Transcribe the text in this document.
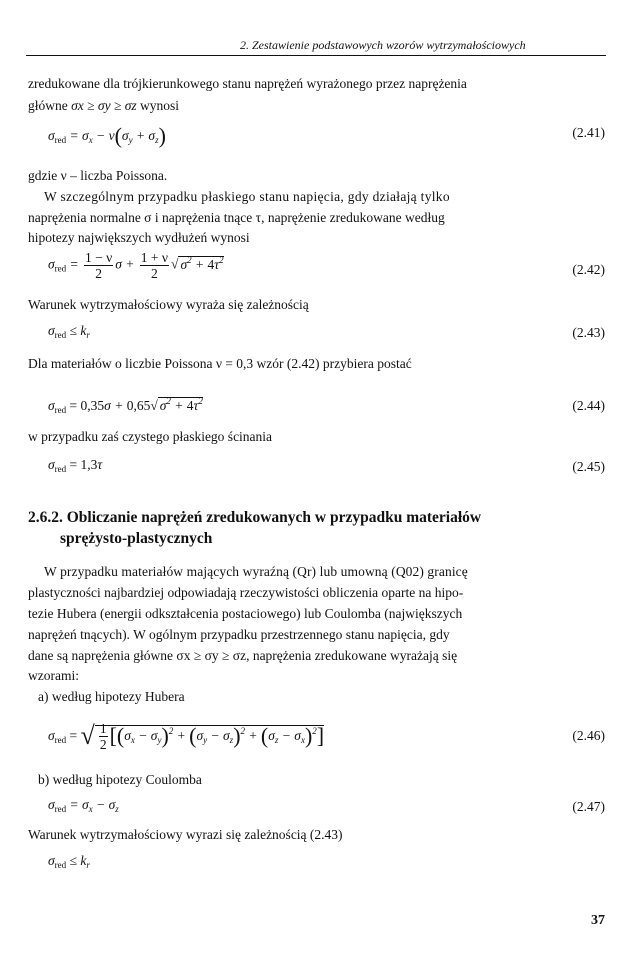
2. Zestawienie podstawowych wzorów wytrzymałościowych
zredukowane dla trójkierunkowego stanu naprężeń wyrażonego przez naprężenia
główne σx ≥ σy ≥ σz wynosi
$\sigma_{red} = \sigma_x - \nu(\sigma_y + \sigma_z)$	(2.41)
gdzie ν – liczba Poissona.
W szczególnym przypadku płaskiego stanu napięcia, gdy działają tylko
naprężenia normalne σ i naprężenia tnące τ, naprężenie zredukowane według
hipotezy największych wydłużeń wynosi
$\sigma_{red} = \frac{1 - \nu}{2}$ $\sigma + \frac{1 + \nu}{2}$ √ $\sigma^2 + 4\tau^2$
(2.42)
Warunek wytrzymałościowy wyraża się zależnością
$\sigma_{red} \le k_r$	(2.43)
Dla materiałów o liczbie Poissona ν = 0,3 wzór (2.42) przybiera postać
$\sigma_{red} = 0,35\sigma + 0,65√$ $\sigma^2 + 4\tau^2$	(2.44)
w przypadku zaś czystego płaskiego ścinania
$\sigma_{red} = 1,3\tau$	(2.45)
2.6.2. Obliczanie naprężeń zredukowanych w przypadku materiałów
sprężysto-plastycznych
W przypadku materiałów mających wyraźną (Qr) lub umowną (Q02) granicę
plastyczności najbardziej odpowiadają rzeczywistości obliczenia oparte na hipo-
tezie Hubera (energii odkształcenia postaciowego) lub Coulomba (największych
naprężeń tnących). W ogólnym przypadku przestrzennego stanu napięcia, gdy
dane są naprężenia główne σx ≥ σy ≥ σz, naprężenia zredukowane wyrażają się
wzorami:
a) według hipotezy Hubera
$\sigma_{red}$ = √ $\frac{1}{2} [(\sigma_x - \sigma_y)^2 + (\sigma_y - \sigma_z)^2 + (\sigma_z - \sigma_x)^2]$	(2.46)
b) według hipotezy Coulomba
$\sigma_{red} = \sigma_x - \sigma_z$	(2.47)
Warunek wytrzymałościowy wyrazi się zależnością (2.43)
$\sigma_{red} \le k_r$
37
